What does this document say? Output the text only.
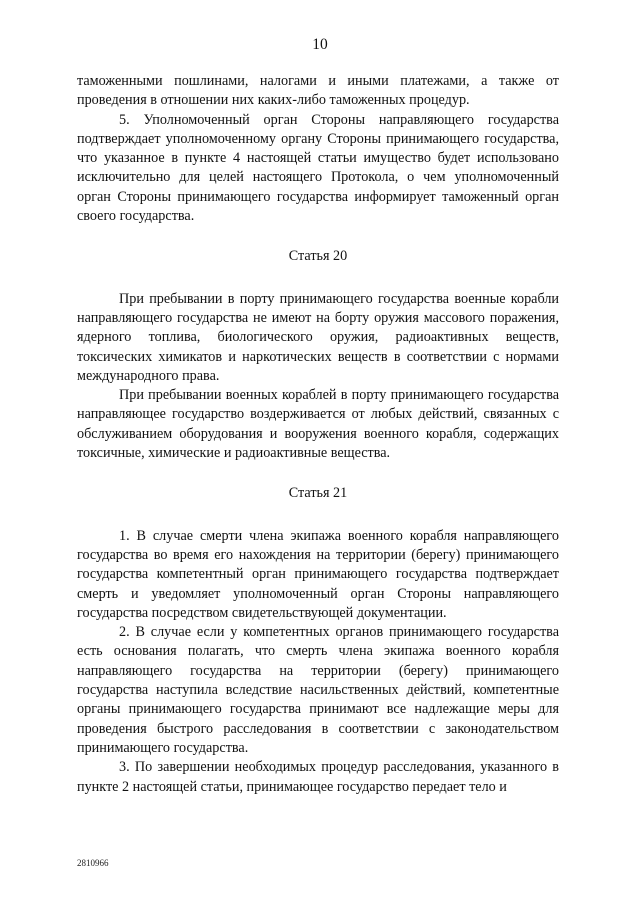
10

таможенными пошлинами, налогами и иными платежами, а также от проведения в отношении них каких-либо таможенных процедур.

5. Уполномоченный орган Стороны направляющего государства подтверждает уполномоченному органу Стороны принимающего государства, что указанное в пункте 4 настоящей статьи имущество будет использовано исключительно для целей настоящего Протокола, о чем уполномоченный орган Стороны принимающего государства информирует таможенный орган своего государства.

Статья 20

При пребывании в порту принимающего государства военные корабли направляющего государства не имеют на борту оружия массового поражения, ядерного топлива, биологического оружия, радиоактивных веществ, токсических химикатов и наркотических веществ в соответствии с нормами международного права.

При пребывании военных кораблей в порту принимающего государства направляющее государство воздерживается от любых действий, связанных с обслуживанием оборудования и вооружения военного корабля, содержащих токсичные, химические и радиоактивные вещества.

Статья 21

1. В случае смерти члена экипажа военного корабля направляющего государства во время его нахождения на территории (берегу) принимающего государства компетентный орган принимающего государства подтверждает смерть и уведомляет уполномоченный орган Стороны направляющего государства посредством свидетельствующей документации.

2. В случае если у компетентных органов принимающего государства есть основания полагать, что смерть члена экипажа военного корабля направляющего государства на территории (берегу) принимающего государства наступила вследствие насильственных действий, компетентные органы принимающего государства принимают все надлежащие меры для проведения быстрого расследования в соответствии с законодательством принимающего государства.

3. По завершении необходимых процедур расследования, указанного в пункте 2 настоящей статьи, принимающее государство передает тело и

2810966
